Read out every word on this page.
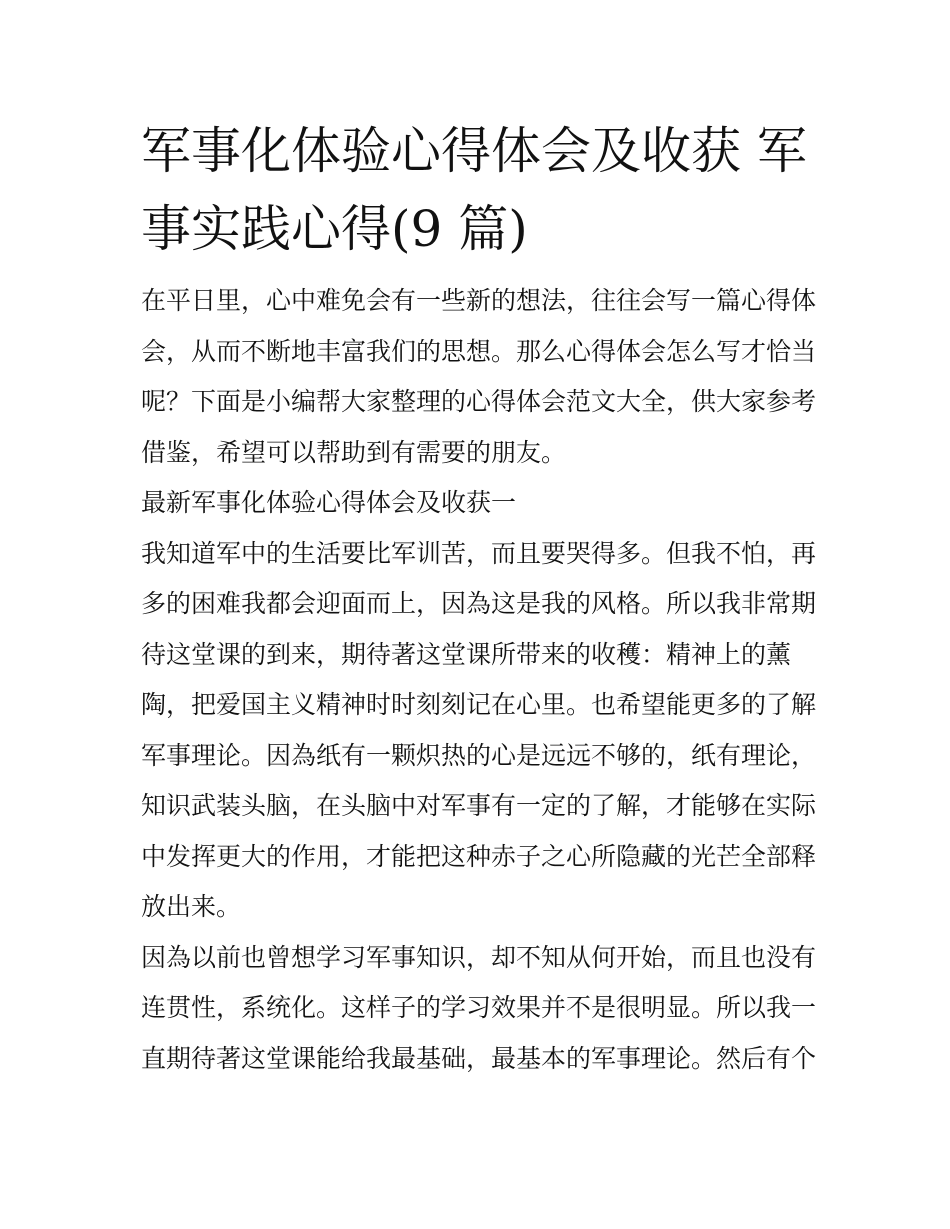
军事化体验心得体会及收获 军
事实践心得(9 篇)

在平日里，心中难免会有一些新的想法，往往会写一篇心得体
会，从而不断地丰富我们的思想。那么心得体会怎么写才恰当
呢？下面是小编帮大家整理的心得体会范文大全，供大家参考
借鉴，希望可以帮助到有需要的朋友。

最新军事化体验心得体会及收获一

我知道军中的生活要比军训苦，而且要哭得多。但我不怕，再
多的困难我都会迎面而上，因為这是我的风格。所以我非常期
待这堂课的到来，期待著这堂课所带来的收穫：精神上的薰
陶，把爱国主义精神时时刻刻记在心里。也希望能更多的了解
军事理论。因為纸有一颗炽热的心是远远不够的，纸有理论，
知识武装头脑，在头脑中对军事有一定的了解，才能够在实际
中发挥更大的作用，才能把这种赤子之心所隐藏的光芒全部释
放出来。

因為以前也曾想学习军事知识，却不知从何开始，而且也没有
连贯性，系统化。这样子的学习效果并不是很明显。所以我一
直期待著这堂课能给我最基础，最基本的军事理论。然后有个
